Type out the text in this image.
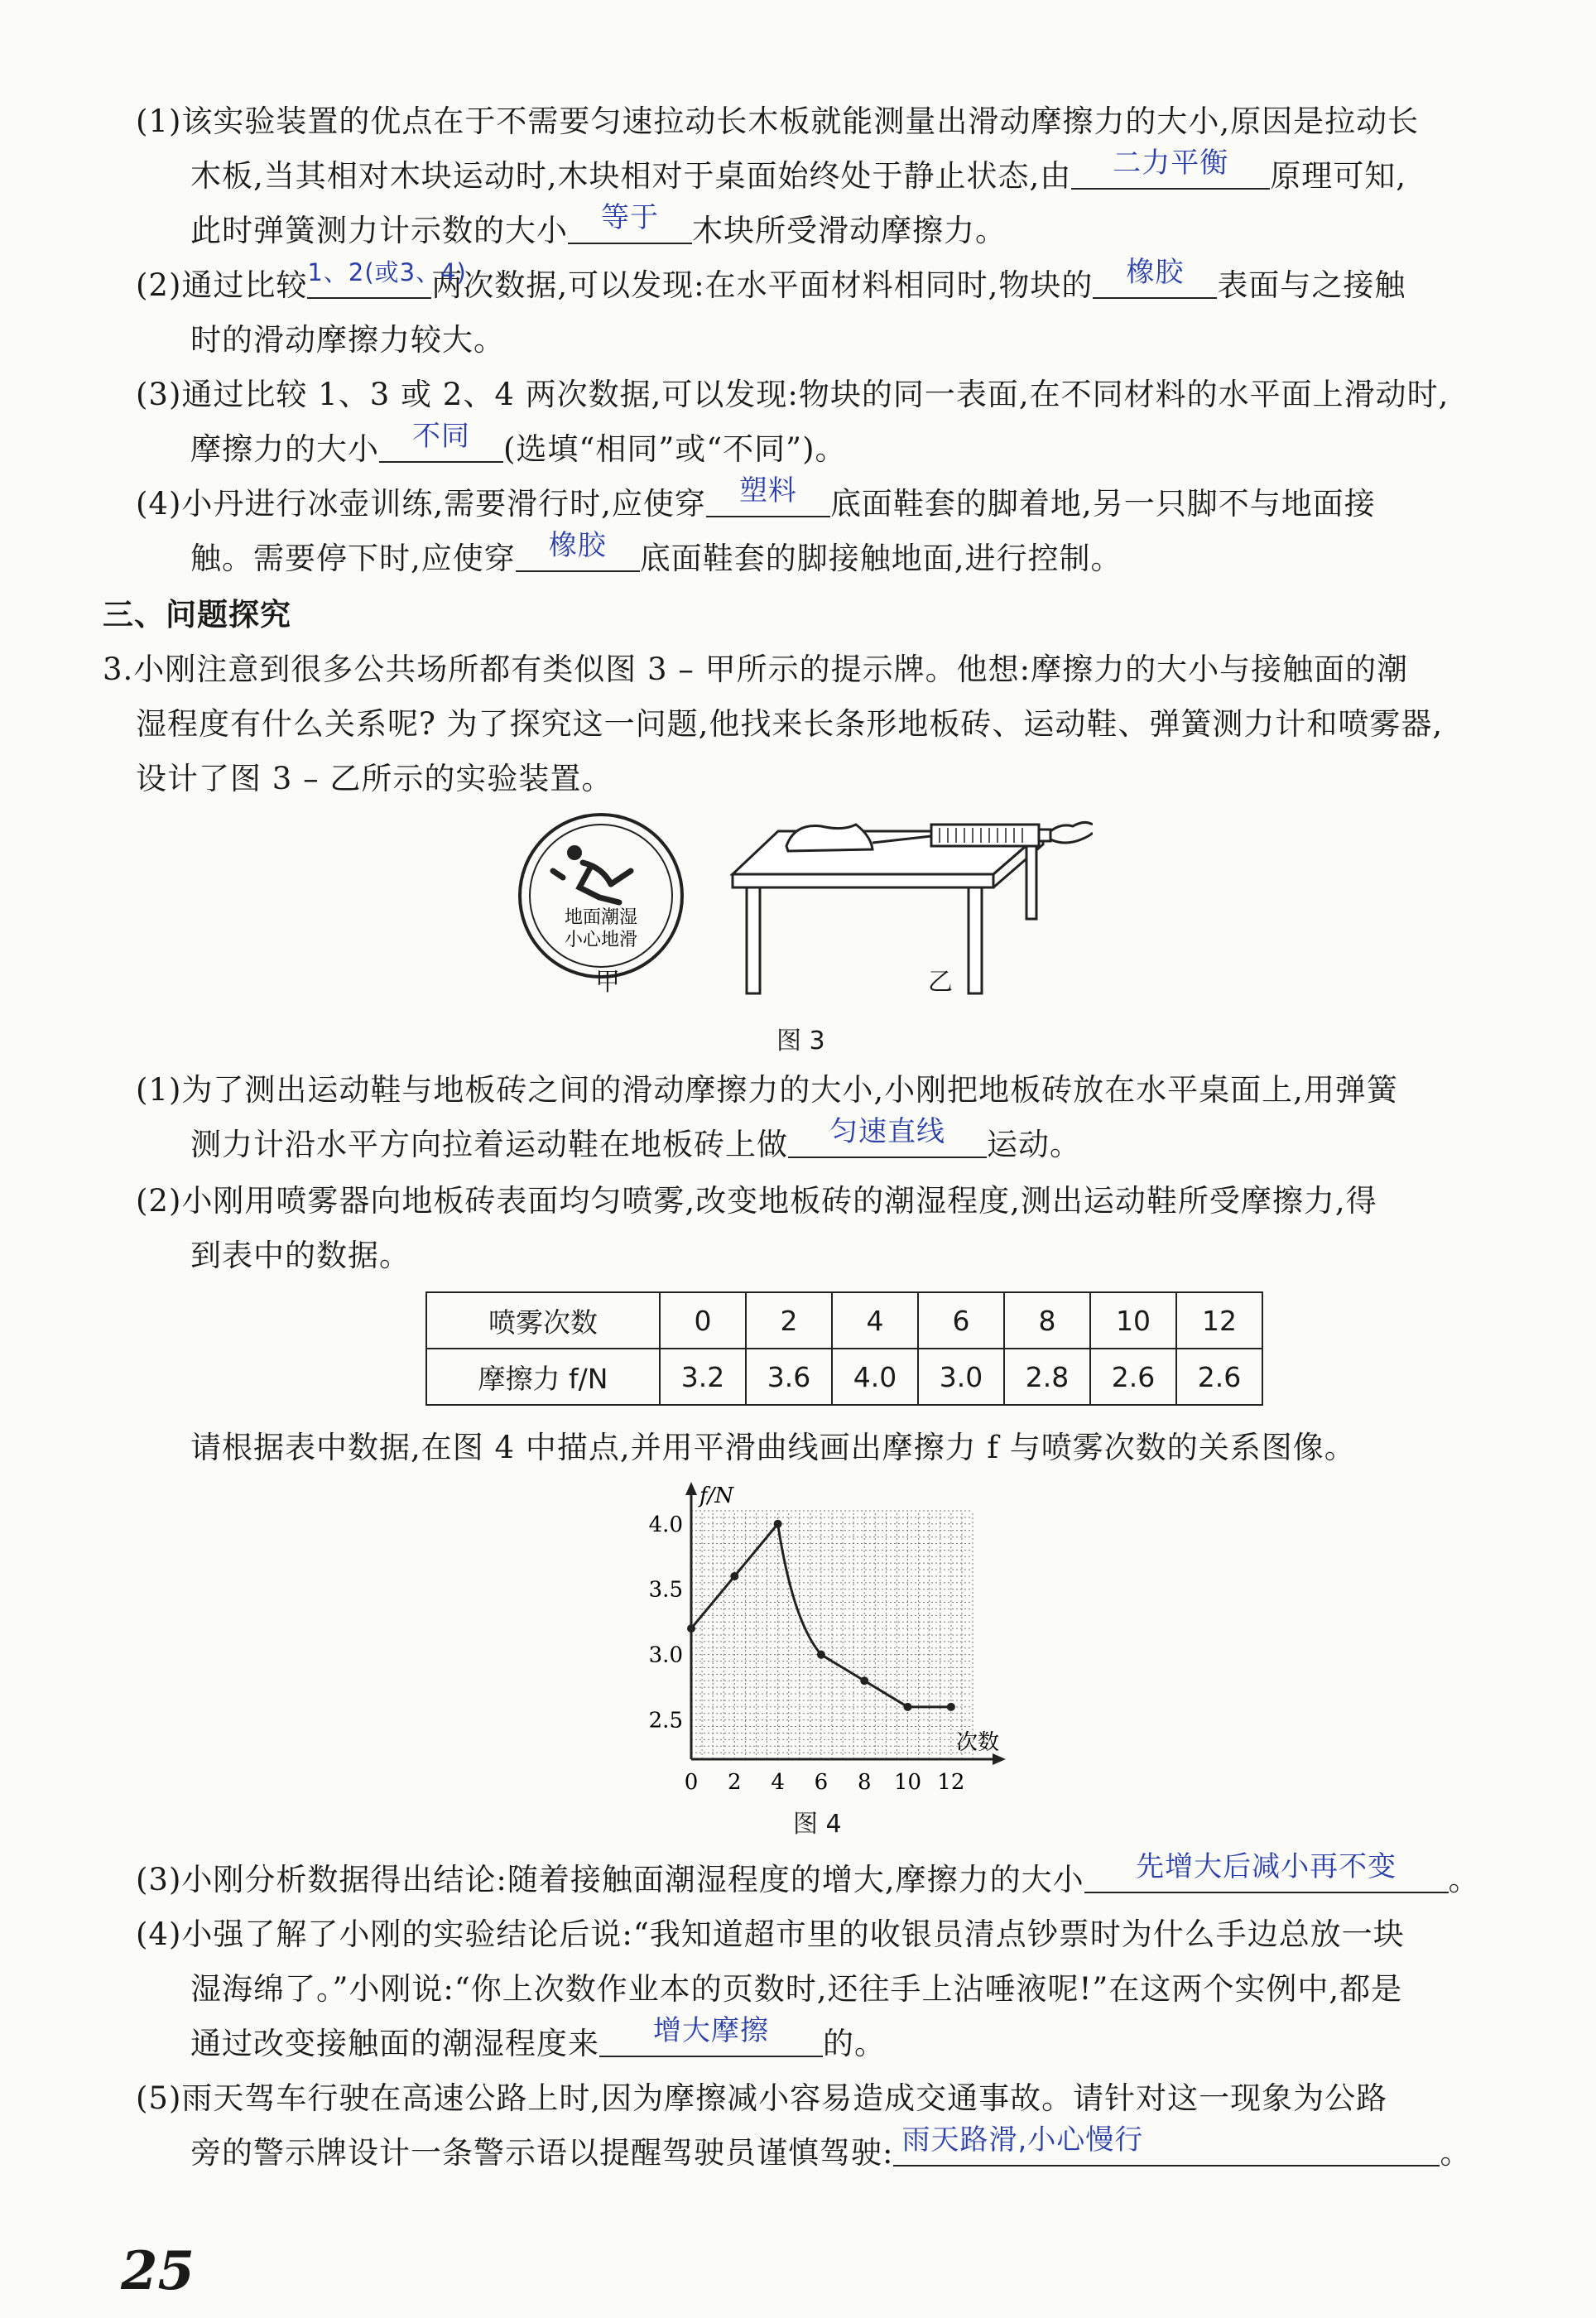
(1)该实验装置的优点在于不需要匀速拉动长木板就能测量出滑动摩擦力的大小,原因是拉动长
木板,当其相对木块运动时,木块相对于桌面始终处于静止状态,由	二力平衡	原理可知,
此时弹簧测力计示数的大小	等于	木块所受滑动摩擦力。
(2)通过比较 1、2(或3、4)
两次数据,可以发现:在水平面材料相同时,物块的	橡胶	表面与之接触
时的滑动摩擦力较大。
(3)通过比较 1、3 或 2、4 两次数据,可以发现:物块的同一表面,在不同材料的水平面上滑动时,
摩擦力的大小	不同	(选填“相同”或“不同”)。
(4)小丹进行冰壶训练,需要滑行时,应使穿	塑料	底面鞋套的脚着地,另一只脚不与地面接
触。需要停下时,应使穿	橡胶	底面鞋套的脚接触地面,进行控制。
三、问题探究
3.小刚注意到很多公共场所都有类似图 3 – 甲所示的提示牌。他想:摩擦力的大小与接触面的潮
湿程度有什么关系呢? 为了探究这一问题,他找来长条形地板砖、运动鞋、弹簧测力计和喷雾器,
设计了图 3 – 乙所示的实验装置。
地面潮湿
小心地滑
甲	乙
图 3
(1)为了测出运动鞋与地板砖之间的滑动摩擦力的大小,小刚把地板砖放在水平桌面上,用弹簧
测力计沿水平方向拉着运动鞋在地板砖上做	匀速直线	运动。
(2)小刚用喷雾器向地板砖表面均匀喷雾,改变地板砖的潮湿程度,测出运动鞋所受摩擦力,得
到表中的数据。
喷雾次数	0	2	4	6	8	10	12
摩擦力 f/N	3.2	3.6	4.0	3.0	2.8	2.6	2.6
请根据表中数据,在图 4 中描点,并用平滑曲线画出摩擦力 f 与喷雾次数的关系图像。
0 2 4 6 8 10 12
2.5
3.0
3.5
4.0
f/N
次数
图 4
(3)小刚分析数据得出结论:随着接触面潮湿程度的增大,摩擦力的大小	先增大后减小再不变	。
(4)小强了解了小刚的实验结论后说:“我知道超市里的收银员清点钞票时为什么手边总放一块
湿海绵了。”小刚说:“你上次数作业本的页数时,还往手上沾唾液呢!”在这两个实例中,都是
通过改变接触面的潮湿程度来	增大摩擦	的。
(5)雨天驾车行驶在高速公路上时,因为摩擦减小容易造成交通事故。请针对这一现象为公路
旁的警示牌设计一条警示语以提醒驾驶员谨慎驾驶: 雨天路滑,小心慢行	。
25
